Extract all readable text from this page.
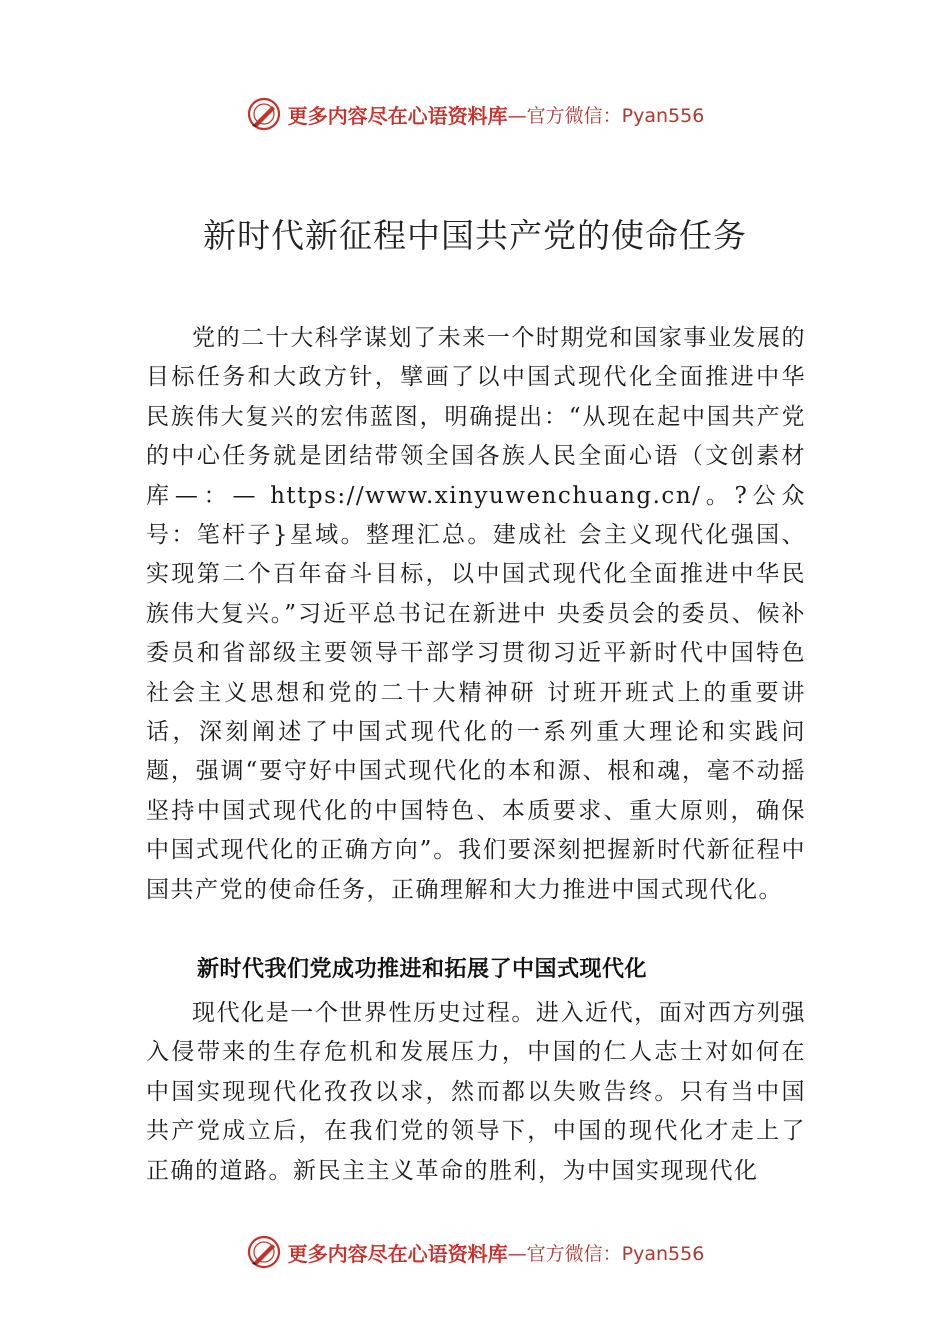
更多内容尽在心语资料库 —官方微信：Pyan556
新时代新征程中国共产党的使命任务

党的二十大科学谋划了未来一个时期党和国家事业发展的目标任务和大政方针，擘画了以中国式现代化全面推进中华民族伟大复兴的宏伟蓝图，明确提出：“从现在起中国共产党的中心任务就是团结带领全国各族人民全面心语（文创素材库—：— https://www.xinyuwenchuang.cn/。?公众号：笔杆子}星域。整理汇总。建成社 会主义现代化强国、实现第二个百年奋斗目标，以中国式现代化全面推进中华民族伟大复兴。”习近平总书记在新进中 央委员会的委员、候补委员和省部级主要领导干部学习贯彻习近平新时代中国特色社会主义思想和党的二十大精神研 讨班开班式上的重要讲话，深刻阐述了中国式现代化的一系列重大理论和实践问题，强调“要守好中国式现代化的本和源、根和魂，毫不动摇坚持中国式现代化的中国特色、本质要求、重大原则，确保中国式现代化的正确方向”。我们要深刻把握新时代新征程中国共产党的使命任务，正确理解和大力推进中国式现代化。

新时代我们党成功推进和拓展了中国式现代化

现代化是一个世界性历史过程。进入近代，面对西方列强入侵带来的生存危机和发展压力，中国的仁人志士对如何在中国实现现代化孜孜以求，然而都以失败告终。只有当中国共产党成立后，在我们党的领导下，中国的现代化才走上了正确的道路。新民主主义革命的胜利，为中国实现现代化

更多内容尽在心语资料库 —官方微信：Pyan556
